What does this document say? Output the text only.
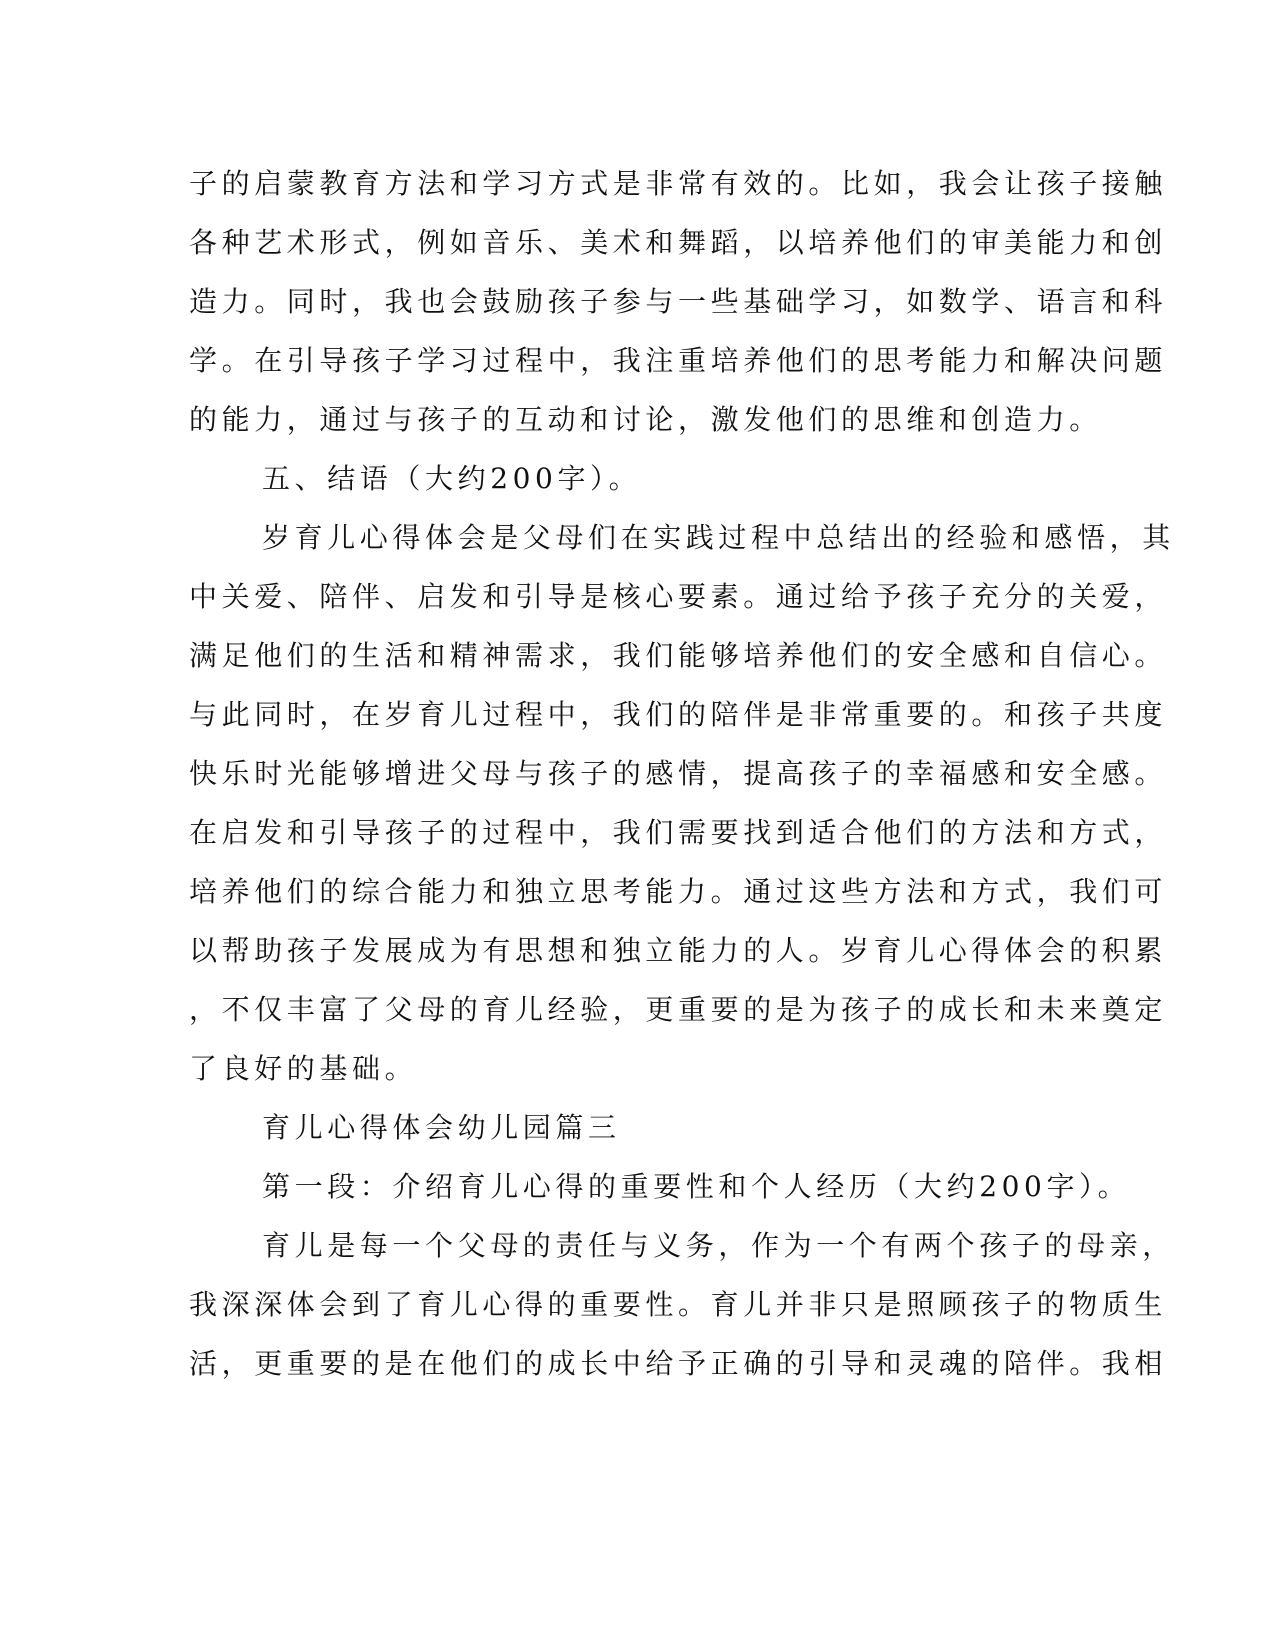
子的启蒙教育方法和学习方式是非常有效的。比如，我会让孩子接触
各种艺术形式，例如音乐、美术和舞蹈，以培养他们的审美能力和创
造力。同时，我也会鼓励孩子参与一些基础学习，如数学、语言和科
学。在引导孩子学习过程中，我注重培养他们的思考能力和解决问题
的能力，通过与孩子的互动和讨论，激发他们的思维和创造力。
五、结语（大约200字）。
岁育儿心得体会是父母们在实践过程中总结出的经验和感悟，其
中关爱、陪伴、启发和引导是核心要素。通过给予孩子充分的关爱，
满足他们的生活和精神需求，我们能够培养他们的安全感和自信心。
与此同时，在岁育儿过程中，我们的陪伴是非常重要的。和孩子共度
快乐时光能够增进父母与孩子的感情，提高孩子的幸福感和安全感。
在启发和引导孩子的过程中，我们需要找到适合他们的方法和方式，
培养他们的综合能力和独立思考能力。通过这些方法和方式，我们可
以帮助孩子发展成为有思想和独立能力的人。岁育儿心得体会的积累
，不仅丰富了父母的育儿经验，更重要的是为孩子的成长和未来奠定
了良好的基础。
育儿心得体会幼儿园篇三
第一段：介绍育儿心得的重要性和个人经历（大约200字）。
育儿是每一个父母的责任与义务，作为一个有两个孩子的母亲，
我深深体会到了育儿心得的重要性。育儿并非只是照顾孩子的物质生
活，更重要的是在他们的成长中给予正确的引导和灵魂的陪伴。我相
